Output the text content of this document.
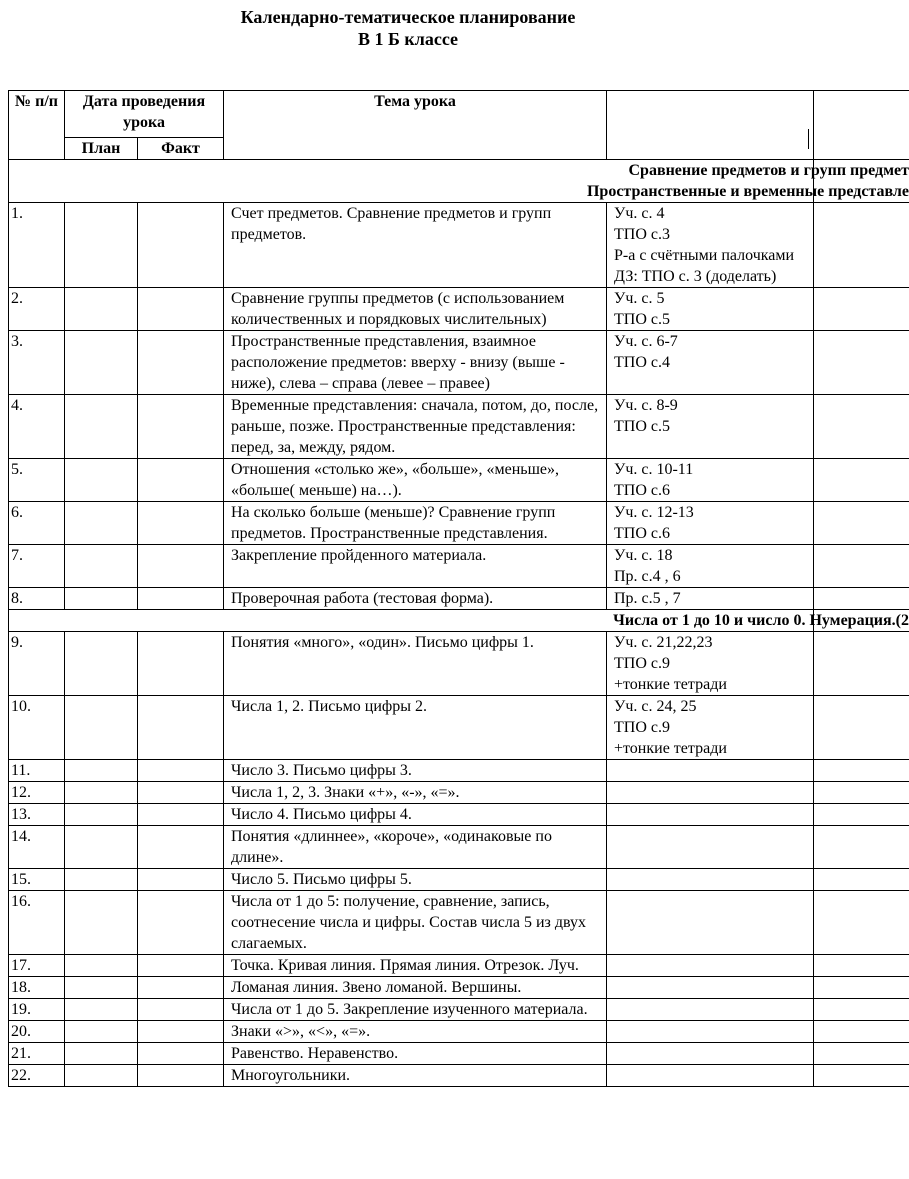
Календарно-тематическое планирование
В 1 Б классе
№ п/п	Дата проведения урока		Тема урока		
	План	Факт			

Сравнение предметов и групп предмет
Пространственные и временные представле					

1.			Счет предметов. Сравнение предметов и групп предметов.	Уч. с. 4
ТПО с.3
Р-а с счётными палочками
ДЗ: ТПО с. 3 (доделать)	
2.			Сравнение группы предметов (с использованием количественных и порядковых числительных)	Уч. с. 5
ТПО с.5	
3.			Пространственные представления, взаимное расположение предметов: вверху - внизу (выше - ниже), слева – справа (левее – правее)	Уч. с. 6-7
ТПО с.4	
4.			Временные представления: сначала, потом, до, после, раньше, позже. Пространственные представления: перед, за, между, рядом.	Уч. с. 8-9
ТПО с.5	
5.			Отношения «столько же», «больше», «меньше», «больше( меньше) на…).	Уч. с. 10-11
ТПО с.6	
6.			На сколько больше (меньше)? Сравнение групп предметов. Пространственные представления.	Уч. с. 12-13
ТПО с.6	
7.			Закрепление пройденного материала.	Уч. с. 18
Пр. с.4 , 6	
8.			Проверочная работа (тестовая форма).	Пр. с.5 , 7	

Числа от 1 до 10 и число 0. Нумерация.(2					

9.			Понятия «много», «один». Письмо цифры 1.	Уч. с. 21,22,23
ТПО с.9
+тонкие тетради	
10.			Числа 1, 2. Письмо цифры 2.	Уч. с. 24, 25
ТПО с.9
+тонкие тетради	
11.			Число 3. Письмо цифры 3.		
12.			Числа 1, 2, 3. Знаки «+», «-», «=».		
13.			Число 4. Письмо цифры 4.		
14.			Понятия «длиннее», «короче», «одинаковые по длине».		
15.			Число 5. Письмо цифры 5.		
16.			Числа от 1 до 5: получение, сравнение, запись, соотнесение числа и цифры. Состав числа 5 из двух слагаемых.		
17.			Точка. Кривая линия. Прямая линия. Отрезок. Луч.		
18.			Ломаная линия. Звено ломаной. Вершины.		
19.			Числа от 1 до 5. Закрепление изученного материала.		
20.			Знаки «>», «<», «=».		
21.			Равенство. Неравенство.		
22.			Многоугольники.		
